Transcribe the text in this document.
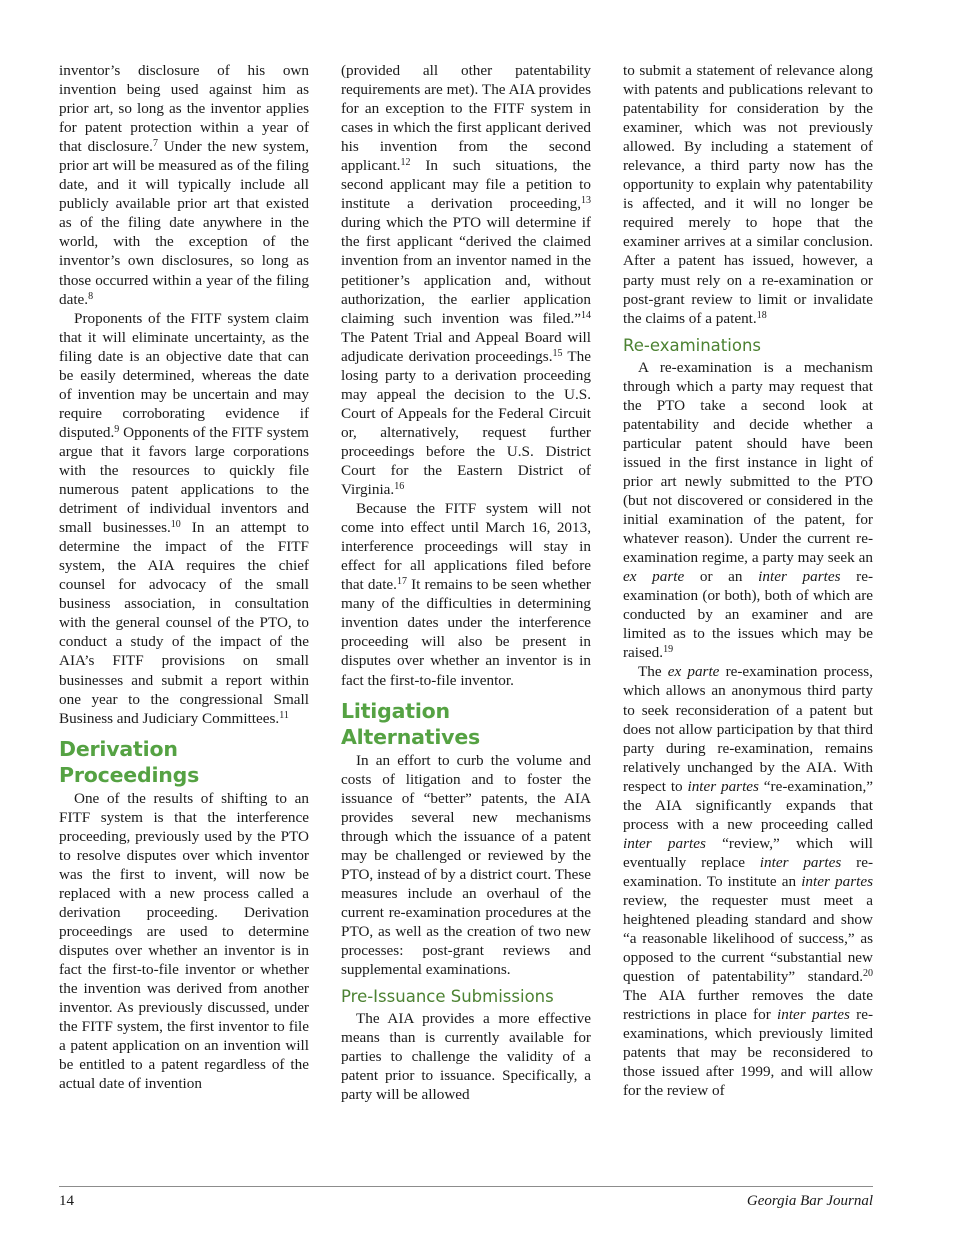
inventor’s disclosure of his own invention being used against him as prior art, so long as the inventor applies for patent protection within a year of that disclosure.$^7$ Under the new system, prior art will be measured as of the filing date, and it will typically include all publicly available prior art that existed as of the filing date anywhere in the world, with the exception of the inventor’s own disclosures, so long as those occurred within a year of the filing date.$^8$

Proponents of the FITF system claim that it will eliminate uncertainty, as the filing date is an objective date that can be easily determined, whereas the date of invention may be uncertain and may require corroborating evidence if disputed.$^9$ Opponents of the FITF system argue that it favors large corporations with the resources to quickly file numerous patent applications to the detriment of individual inventors and small businesses.$^{10}$ In an attempt to determine the impact of the FITF system, the AIA requires the chief counsel for advocacy of the small business association, in consultation with the general counsel of the PTO, to conduct a study of the impact of the AIA’s FITF provisions on small businesses and submit a report within one year to the congressional Small Business and Judiciary Committees.$^{11}$

Derivation Proceedings

One of the results of shifting to an FITF system is that the interference proceeding, previously used by the PTO to resolve disputes over which inventor was the first to invent, will now be replaced with a new process called a derivation proceeding. Derivation proceedings are used to determine disputes over whether an inventor is in fact the first-to-file inventor or whether the invention was derived from another inventor. As previously discussed, under the FITF system, the first inventor to file a patent application on an invention will be entitled to a patent regardless of the actual date of invention

(provided all other patentability requirements are met). The AIA provides for an exception to the FITF system in cases in which the first applicant derived his invention from the second applicant.$^{12}$ In such situations, the second applicant may file a petition to institute a derivation proceeding,$^{13}$ during which the PTO will determine if the first applicant “derived the claimed invention from an inventor named in the petitioner’s application and, without authorization, the earlier application claiming such invention was filed.”$^{14}$ The Patent Trial and Appeal Board will adjudicate derivation proceedings.$^{15}$ The losing party to a derivation proceeding may appeal the decision to the U.S. Court of Appeals for the Federal Circuit or, alternatively, request further proceedings before the U.S. District Court for the Eastern District of Virginia.$^{16}$

Because the FITF system will not come into effect until March 16, 2013, interference proceedings will stay in effect for all applications filed before that date.$^{17}$ It remains to be seen whether many of the difficulties in determining invention dates under the interference proceeding will also be present in disputes over whether an inventor is in fact the first-to-file inventor.

Litigation Alternatives

In an effort to curb the volume and costs of litigation and to foster the issuance of “better” patents, the AIA provides several new mechanisms through which the issuance of a patent may be challenged or reviewed by the PTO, instead of by a district court. These measures include an overhaul of the current re-examination procedures at the PTO, as well as the creation of two new processes: post-grant reviews and supplemental examinations.

Pre-Issuance Submissions

The AIA provides a more effective means than is currently available for parties to challenge the validity of a patent prior to issuance. Specifically, a party will be allowed

to submit a statement of relevance along with patents and publications relevant to patentability for consideration by the examiner, which was not previously allowed. By including a statement of relevance, a third party now has the opportunity to explain why patentability is affected, and it will no longer be required merely to hope that the examiner arrives at a similar conclusion. After a patent has issued, however, a party must rely on a re-examination or post-grant review to limit or invalidate the claims of a patent.$^{18}$

Re-examinations

A re-examination is a mechanism through which a party may request that the PTO take a second look at patentability and decide whether a particular patent should have been issued in the first instance in light of prior art newly submitted to the PTO (but not discovered or considered in the initial examination of the patent, for whatever reason). Under the current re-examination regime, a party may seek an ex parte or an inter partes re-examination (or both), both of which are conducted by an examiner and are limited as to the issues which may be raised.$^{19}$

The ex parte re-examination process, which allows an anonymous third party to seek reconsideration of a patent but does not allow participation by that third party during re-examination, remains relatively unchanged by the AIA. With respect to inter partes “re-examination,” the AIA significantly expands that process with a new proceeding called inter partes “review,” which will eventually replace inter partes re-examination. To institute an inter partes review, the requester must meet a heightened pleading standard and show “a reasonable likelihood of success,” as opposed to the current “substantial new question of patentability” standard.$^{20}$ The AIA further removes the date restrictions in place for inter partes re-examinations, which previously limited patents that may be reconsidered to those issued after 1999, and will allow for the review of

14	Georgia Bar Journal
